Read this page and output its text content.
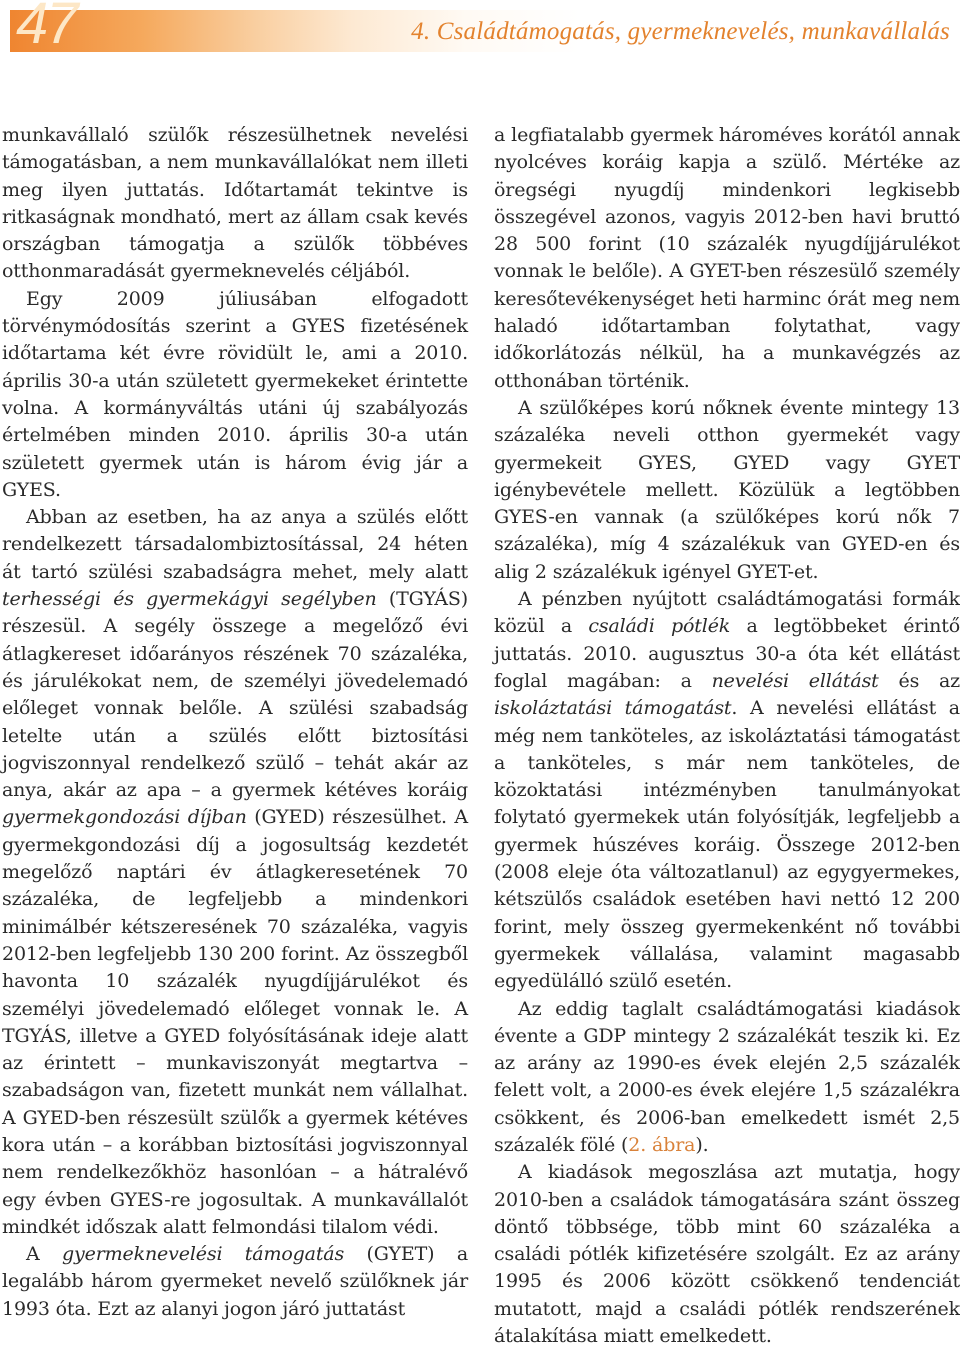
47	4. Családtámogatás, gyermeknevelés, munkavállalás

munkavállaló szülők részesülhetnek nevelési támogatásban, a nem munkavállalókat nem illeti meg ilyen juttatás. Időtartamát tekintve is ritkaságnak mondható, mert az állam csak kevés országban támogatja a szülők többéves otthonmaradását gyermeknevelés céljából.

Egy 2009 júliusában elfogadott törvénymódosítás szerint a GYES fizetésének időtartama két évre rövidült le, ami a 2010. április 30-a után született gyermekeket érintette volna. A kormányváltás utáni új szabályozás értelmében minden 2010. április 30-a után született gyermek után is három évig jár a GYES.

Abban az esetben, ha az anya a szülés előtt rendelkezett társadalombiztosítással, 24 héten át tartó szülési szabadságra mehet, mely alatt terhességi és gyermekágyi segélyben (TGYÁS) részesül. A segély összege a megelőző évi átlagkereset időarányos részének 70 százaléka, és járulékokat nem, de személyi jövedelemadó előleget vonnak belőle. A szülési szabadság letelte után a szülés előtt biztosítási jogviszonnyal rendelkező szülő – tehát akár az anya, akár az apa – a gyermek kétéves koráig gyermekgondozási díjban (GYED) részesülhet. A gyermekgondozási díj a jogosultság kezdetét megelőző naptári év átlagkeresetének 70 százaléka, de legfeljebb a mindenkori minimálbér kétszeresének 70 százaléka, vagyis 2012-ben legfeljebb 130 200 forint. Az összegből havonta 10 százalék nyugdíjjárulékot és személyi jövedelemadó előleget vonnak le. A TGYÁS, illetve a GYED folyósításának ideje alatt az érintett – munkaviszonyát megtartva – szabadságon van, fizetett munkát nem vállalhat. A GYED-ben részesült szülők a gyermek kétéves kora után – a korábban biztosítási jogviszonnyal nem rendelkezőkhöz hasonlóan – a hátralévő egy évben GYES-re jogosultak. A munkavállalót mindkét időszak alatt felmondási tilalom védi.

A gyermeknevelési támogatás (GYET) a legalább három gyermeket nevelő szülőknek jár 1993 óta. Ezt az alanyi jogon járó juttatást

a legfiatalabb gyermek hároméves korától annak nyolcéves koráig kapja a szülő. Mértéke az öregségi nyugdíj mindenkori legkisebb összegével azonos, vagyis 2012-ben havi bruttó 28 500 forint (10 százalék nyugdíjjárulékot vonnak le belőle). A GYET-ben részesülő személy keresőtevékenységet heti harminc órát meg nem haladó időtartamban folytathat, vagy időkorlátozás nélkül, ha a munkavégzés az otthonában történik.

A szülőképes korú nőknek évente mintegy 13 százaléka neveli otthon gyermekét vagy gyermekeit GYES, GYED vagy GYET igénybevétele mellett. Közülük a legtöbben GYES-en vannak (a szülőképes korú nők 7 százaléka), míg 4 százalékuk van GYED-en és alig 2 százalékuk igényel GYET-et.

A pénzben nyújtott családtámogatási formák közül a családi pótlék a legtöbbeket érintő juttatás. 2010. augusztus 30-a óta két ellátást foglal magában: a nevelési ellátást és az iskoláztatási támogatást. A nevelési ellátást a még nem tanköteles, az iskoláztatási támogatást a tanköteles, s már nem tanköteles, de közoktatási intézményben tanulmányokat folytató gyermekek után folyósítják, legfeljebb a gyermek húszéves koráig. Összege 2012-ben (2008 eleje óta változatlanul) az egygyermekes, kétszülős családok esetében havi nettó 12 200 forint, mely összeg gyermekenként nő további gyermekek vállalása, valamint magasabb egyedülálló szülő esetén.

Az eddig taglalt családtámogatási kiadások évente a GDP mintegy 2 százalékát teszik ki. Ez az arány az 1990-es évek elején 2,5 százalék felett volt, a 2000-es évek elejére 1,5 százalékra csökkent, és 2006-ban emelkedett ismét 2,5 százalék fölé (2. ábra).

A kiadások megoszlása azt mutatja, hogy 2010-ben a családok támogatására szánt összeg döntő többsége, több mint 60 százaléka a családi pótlék kifizetésére szolgált. Ez az arány 1995 és 2006 között csökkenő tendenciát mutatott, majd a családi pótlék rendszerének átalakítása miatt emelkedett.
